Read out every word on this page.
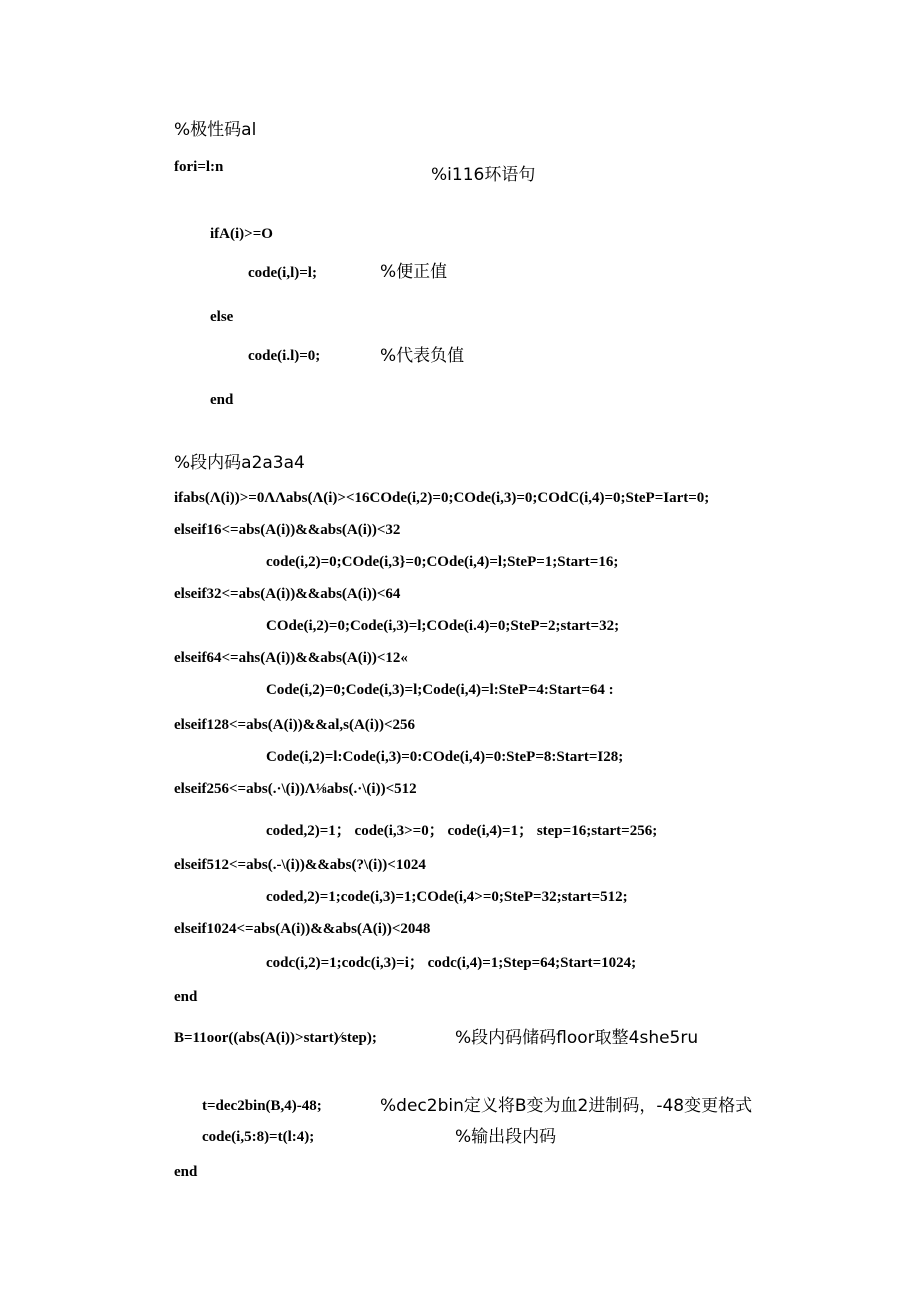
%极性码al
fori=l:n	%i116环语句
ifA(i)>=O
code(i,l)=l;	%便正值
else
code(i.l)=0;	%代表负值
end
%段内码a2a3a4
ifabs(Λ(i))>=0ΛΛabs(Λ(i)><16COde(i,2)=0;COde(i,3)=0;COdC(i,4)=0;SteP=Iart=0;
elseif16<=abs(A(i))&&abs(A(i))<32
code(i,2)=0;COde(i,3}=0;COde(i,4)=l;SteP=1;Start=16;
elseif32<=abs(A(i))&&abs(A(i))<64
COde(i,2)=0;Code(i,3)=l;COde(i.4)=0;SteP=2;start=32;
elseif64<=ahs(A(i))&&abs(A(i))<12«
Code(i,2)=0;Code(i,3)=l;Code(i,4)=l:SteP=4:Start=64 :
elseif128<=abs(A(i))&&al,s(A(i))<256
Code(i,2)=l:Code(i,3)=0:COde(i,4)=0:SteP=8:Start=I28;
elseif256<=abs(.·\(i))Λ⅛abs(.·\(i))<512
coded,2)=1； code(i,3>=0； code(i,4)=1； step=16;start=256;
elseif512<=abs(.-\(i))&&abs(?\(i))<1024
coded,2)=1;code(i,3)=1;COde(i,4>=0;SteP=32;start=512;
elseif1024<=abs(A(i))&&abs(A(i))<2048
codc(i,2)=1;codc(i,3)=i； codc(i,4)=1;Step=64;Start=1024;
end
B=11oor((abs(A(i))>start)∕step);	%段内码储码floor取整4she5ru
t=dec2bin(B,4)-48;	%dec2bin定义将B变为血2进制码，-48变更格式
code(i,5:8)=t(l:4);	%输出段内码
end
